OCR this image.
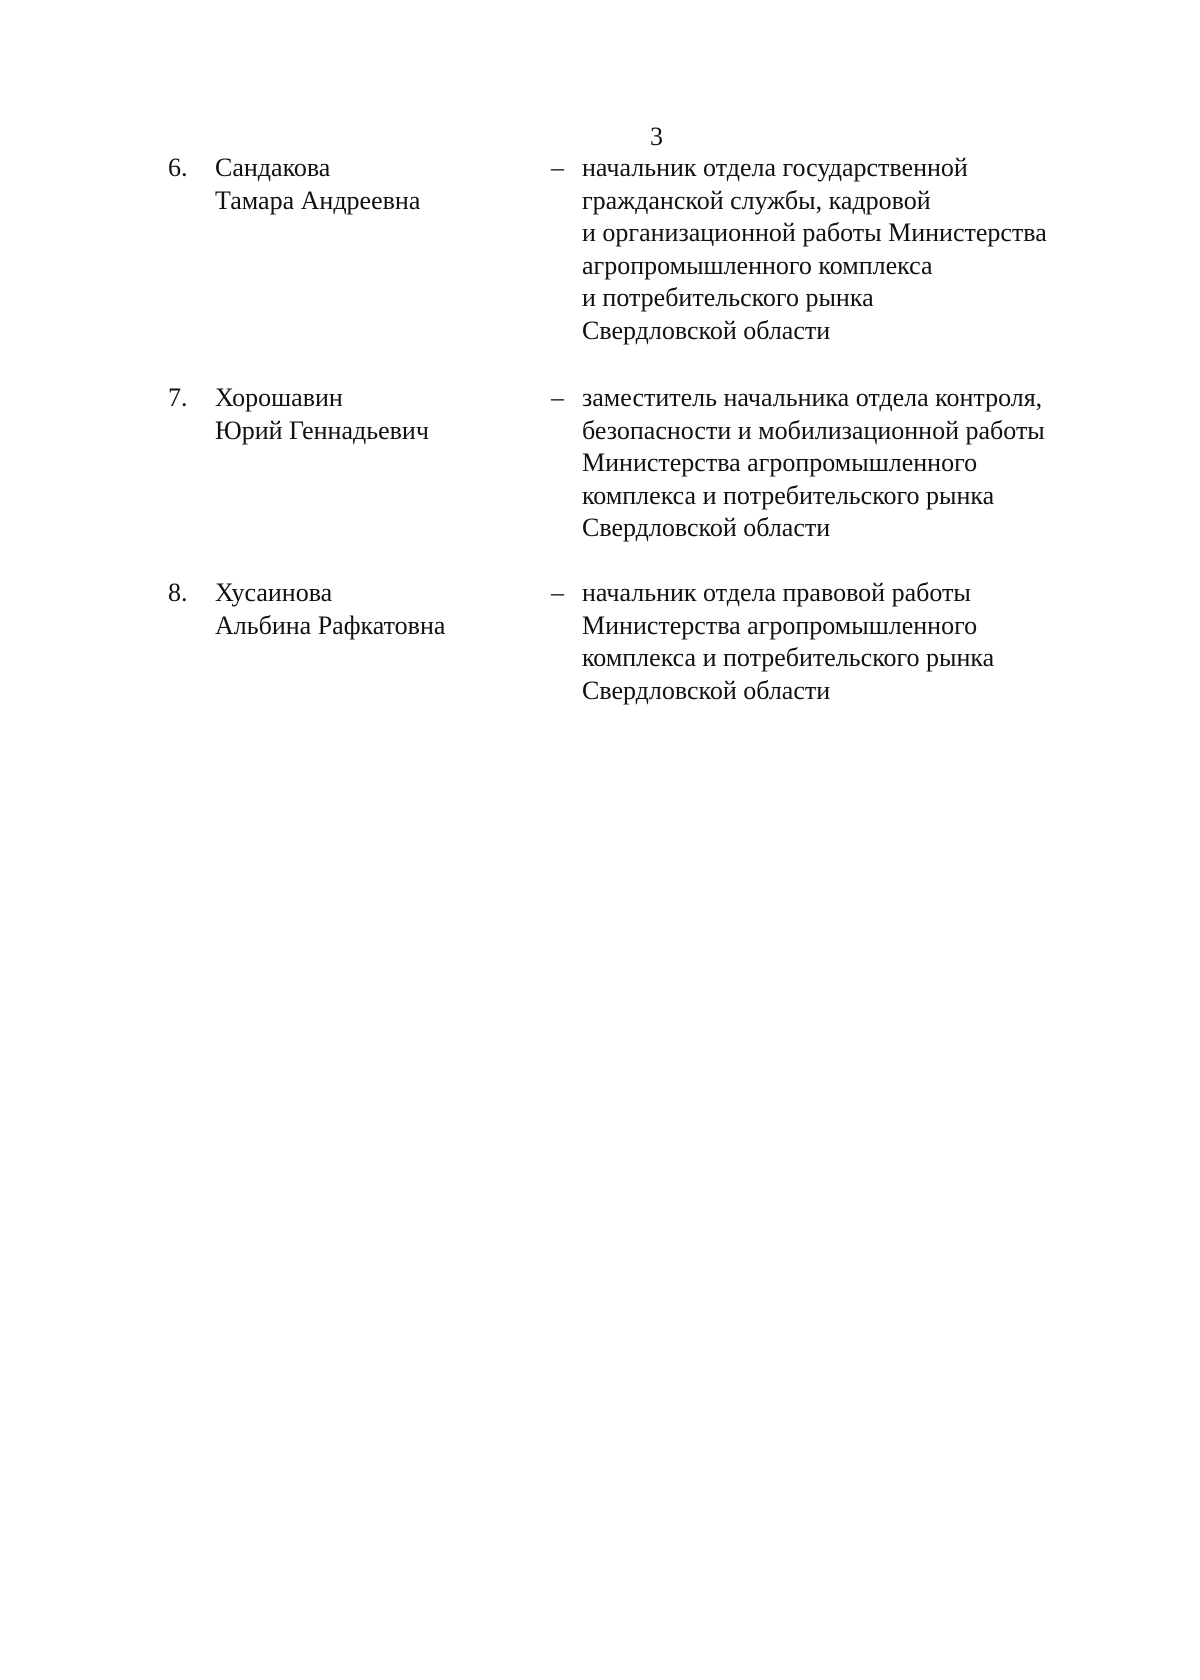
3
6. Сандакова
Тамара Андреевна
– начальник отдела государственной
гражданской службы, кадровой
и организационной работы Министерства
агропромышленного комплекса
и потребительского рынка
Свердловской области
7. Хорошавин
Юрий Геннадьевич
– заместитель начальника отдела контроля,
безопасности и мобилизационной работы
Министерства агропромышленного
комплекса и потребительского рынка
Свердловской области
8. Хусаинова
Альбина Рафкатовна
– начальник отдела правовой работы
Министерства агропромышленного
комплекса и потребительского рынка
Свердловской области
